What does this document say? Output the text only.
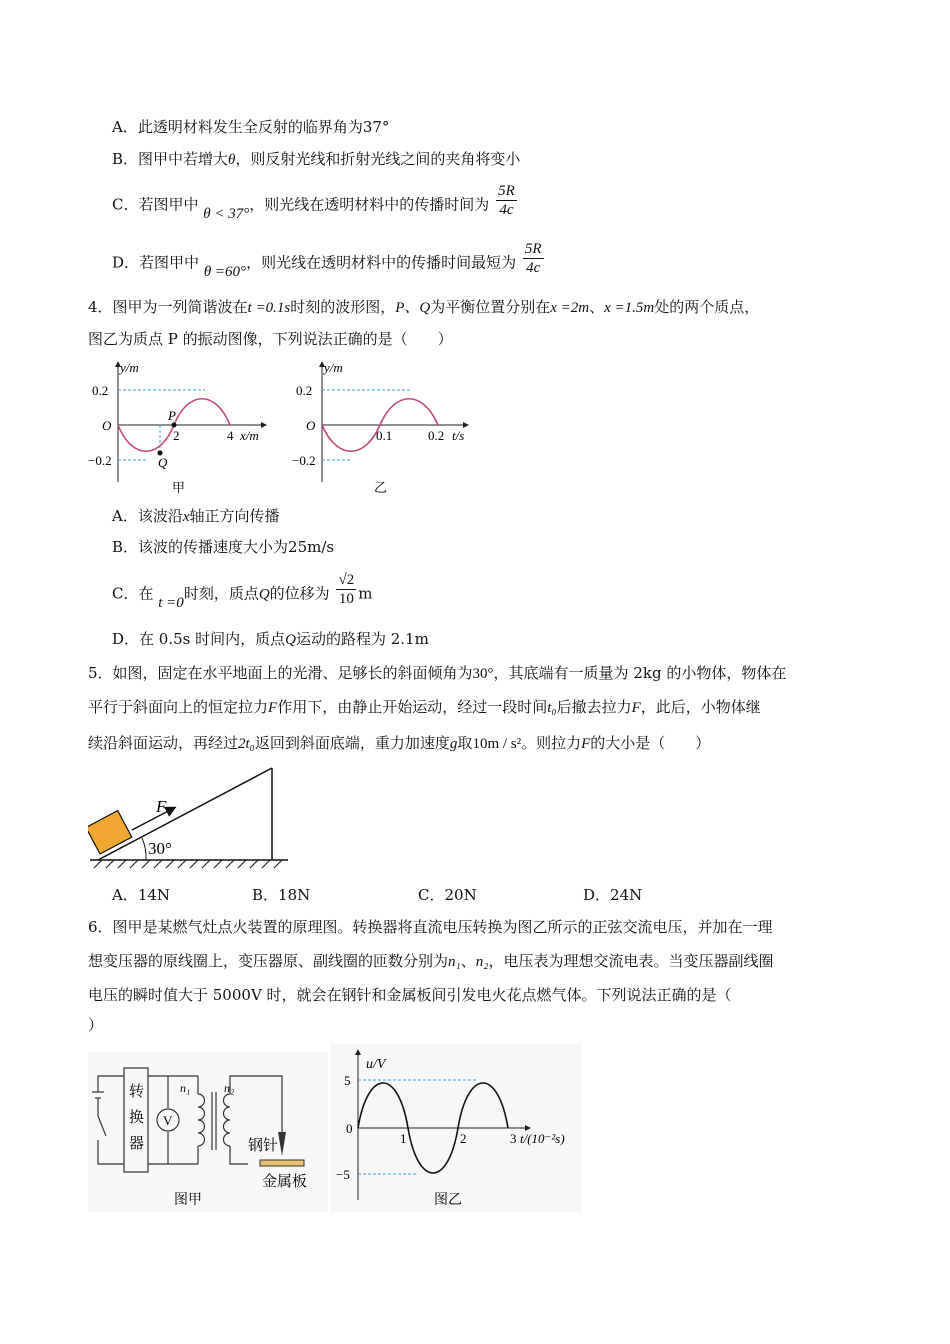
A．此透明材料发生全反射的临界角为37°
B．图甲中若增大θ，则反射光线和折射光线之间的夹角将变小
C．若图甲中 θ < 37°，则光线在透明材料中的传播时间为 $\frac{5R}{4c}$
D．若图甲中 θ =60°，则光线在透明材料中的传播时间最短为 $\frac{5R}{4c}$
4．图甲为一列简谐波在t =0.1s时刻的波形图，P、Q为平衡位置分别在x =2m、x =1.5m处的两个质点，
图乙为质点 P 的振动图像，下列说法正确的是（　　）
y/m
0.2
−0.2
O
2	4 x/m
P
Q
甲
y/m
0.2
−0.2
O
0.1	0.2 t/s
乙
A．该波沿x轴正方向传播
B．该波的传播速度大小为25m/s
C．在 t =0时刻，质点Q的位移为 $\frac{√2}{10}$ m
D．在 0.5s 时间内，质点Q运动的路程为 2.1m
5．如图，固定在水平地面上的光滑、足够长的斜面倾角为30°，其底端有一质量为 2kg 的小物体，物体在
平行于斜面向上的恒定拉力F作用下，由静止开始运动，经过一段时间t₀后撤去拉力F，此后，小物体继
续沿斜面运动，再经过2t₀返回到斜面底端，重力加速度g取10m / s²。则拉力F的大小是（　　）
F
30°
A．14N	B．18N	C．20N	D．24N
6．图甲是某燃气灶点火装置的原理图。转换器将直流电压转换为图乙所示的正弦交流电压，并加在一理
想变压器的原线圈上，变压器原、副线圈的匝数分别为n₁、n₂，电压表为理想交流电表。当变压器副线圈
电压的瞬时值大于 5000V 时，就会在钢针和金属板间引发电火花点燃气体。下列说法正确的是（
）
转
换
器
V
n₁	n₂
钢针
金属板
图甲
u/V
5
−5
0
1	2	3 t/(10⁻²s)
图乙
